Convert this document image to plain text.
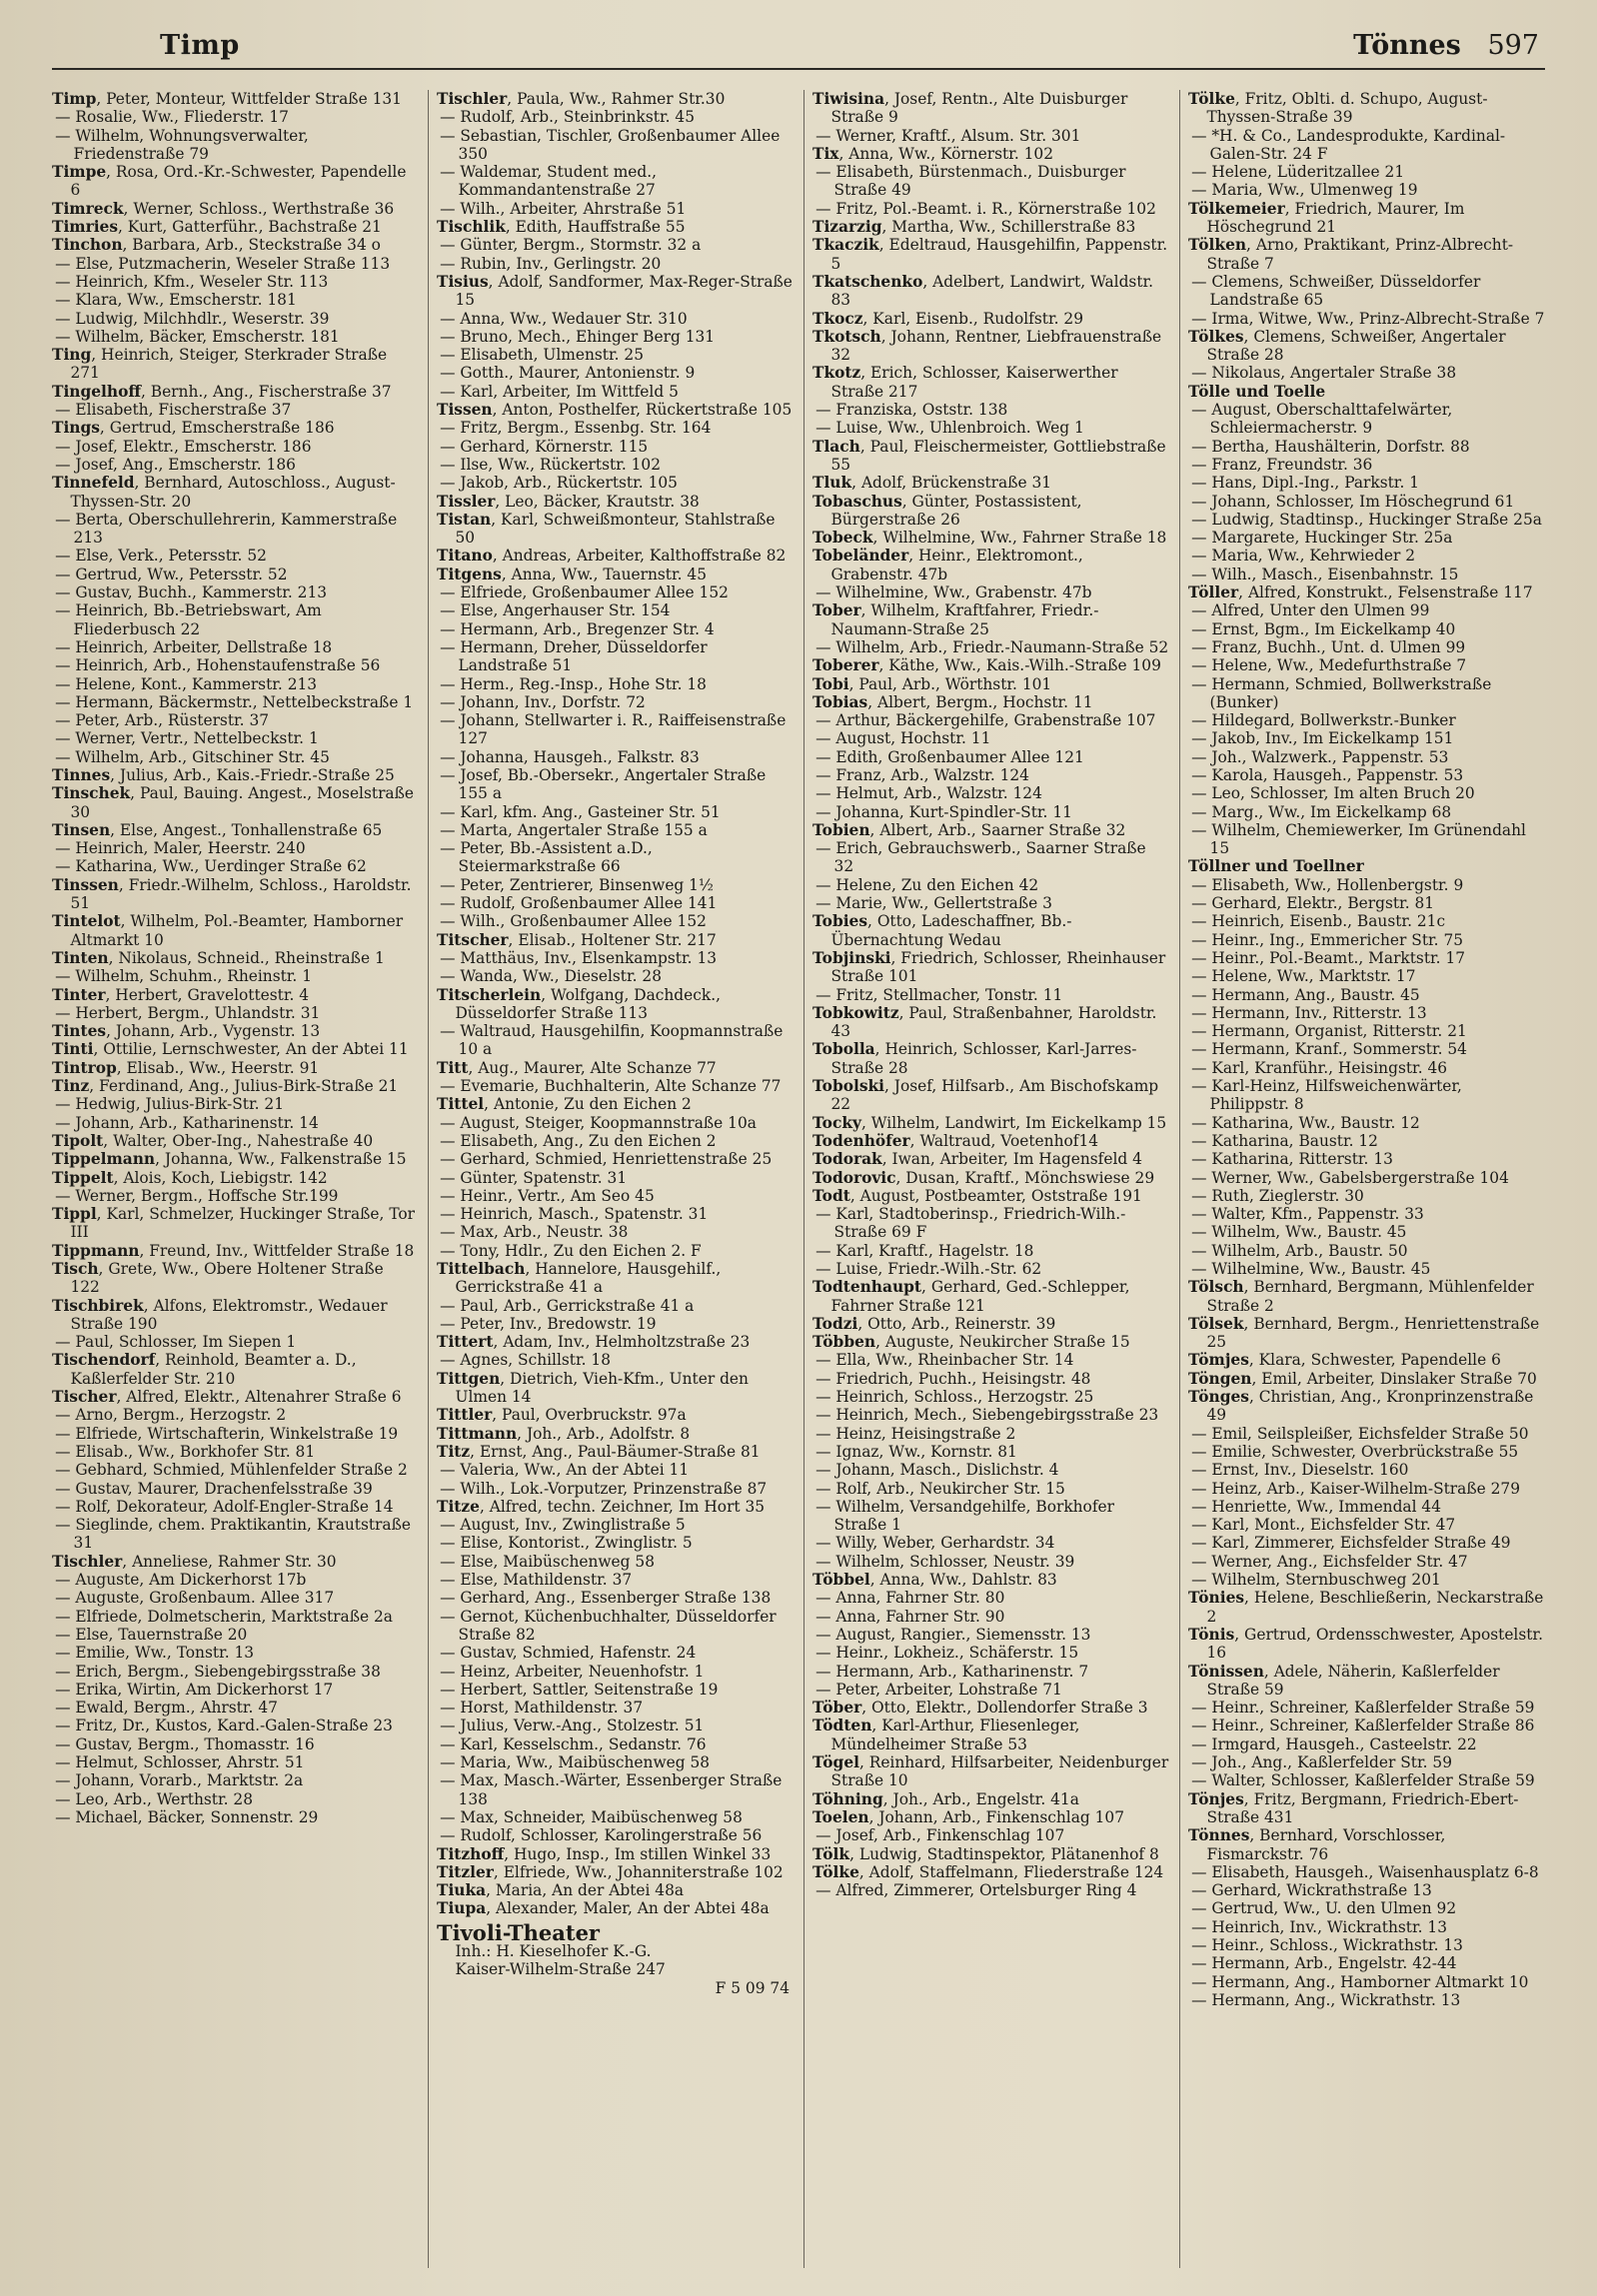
Timp	Tönnes 597

Timp, Peter, Monteur, Wittfelder Straße 131

— Rosalie, Ww., Fliederstr. 17

— Wilhelm, Wohnungsverwalter, Friedenstraße 79

Timpe, Rosa, Ord.-Kr.-Schwester, Papendelle 6

Timreck, Werner, Schloss., Werthstraße 36

Timries, Kurt, Gatterführ., Bachstraße 21

Tinchon, Barbara, Arb., Steckstraße 34 o

— Else, Putzmacherin, Weseler Straße 113

— Heinrich, Kfm., Weseler Str. 113

— Klara, Ww., Emscherstr. 181

— Ludwig, Milchhdlr., Weserstr. 39

— Wilhelm, Bäcker, Emscherstr. 181

Ting, Heinrich, Steiger, Sterkrader Straße 271

Tingelhoff, Bernh., Ang., Fischerstraße 37

— Elisabeth, Fischerstraße 37

Tings, Gertrud, Emscherstraße 186

— Josef, Elektr., Emscherstr. 186

— Josef, Ang., Emscherstr. 186

Tinnefeld, Bernhard, Autoschloss., August-Thyssen-Str. 20

— Berta, Oberschullehrerin, Kammerstraße 213

— Else, Verk., Petersstr. 52

— Gertrud, Ww., Petersstr. 52

— Gustav, Buchh., Kammerstr. 213

— Heinrich, Bb.-Betriebswart, Am Fliederbusch 22

— Heinrich, Arbeiter, Dellstraße 18

— Heinrich, Arb., Hohenstaufenstraße 56

— Helene, Kont., Kammerstr. 213

— Hermann, Bäckermstr., Nettelbeckstraße 1

— Peter, Arb., Rüsterstr. 37

— Werner, Vertr., Nettelbeckstr. 1

— Wilhelm, Arb., Gitschiner Str. 45

Tinnes, Julius, Arb., Kais.-Friedr.-Straße 25

Tinschek, Paul, Bauing. Angest., Moselstraße 30

Tinsen, Else, Angest., Tonhallenstraße 65

— Heinrich, Maler, Heerstr. 240

— Katharina, Ww., Uerdinger Straße 62

Tinssen, Friedr.-Wilhelm, Schloss., Haroldstr. 51

Tintelot, Wilhelm, Pol.-Beamter, Hamborner Altmarkt 10

Tinten, Nikolaus, Schneid., Rheinstraße 1

— Wilhelm, Schuhm., Rheinstr. 1

Tinter, Herbert, Gravelottestr. 4

— Herbert, Bergm., Uhlandstr. 31

Tintes, Johann, Arb., Vygenstr. 13

Tinti, Ottilie, Lernschwester, An der Abtei 11

Tintrop, Elisab., Ww., Heerstr. 91

Tinz, Ferdinand, Ang., Julius-Birk-Straße 21

— Hedwig, Julius-Birk-Str. 21

— Johann, Arb., Katharinenstr. 14

Tipolt, Walter, Ober-Ing., Nahestraße 40

Tippelmann, Johanna, Ww., Falkenstraße 15

Tippelt, Alois, Koch, Liebigstr. 142

— Werner, Bergm., Hoffsche Str.199

Tippl, Karl, Schmelzer, Huckinger Straße, Tor III

Tippmann, Freund, Inv., Wittfelder Straße 18

Tisch, Grete, Ww., Obere Holtener Straße 122

Tischbirek, Alfons, Elektromstr., Wedauer Straße 190

— Paul, Schlosser, Im Siepen 1

Tischendorf, Reinhold, Beamter a. D., Kaßlerfelder Str. 210

Tischer, Alfred, Elektr., Altenahrer Straße 6

— Arno, Bergm., Herzogstr. 2

— Elfriede, Wirtschafterin, Winkelstraße 19

— Elisab., Ww., Borkhofer Str. 81

— Gebhard, Schmied, Mühlenfelder Straße 2

— Gustav, Maurer, Drachenfelsstraße 39

— Rolf, Dekorateur, Adolf-Engler-Straße 14

— Sieglinde, chem. Praktikantin, Krautstraße 31

Tischler, Anneliese, Rahmer Str. 30

— Auguste, Am Dickerhorst 17b

— Auguste, Großenbaum. Allee 317

— Elfriede, Dolmetscherin, Marktstraße 2a

— Else, Tauernstraße 20

— Emilie, Ww., Tonstr. 13

— Erich, Bergm., Siebengebirgsstraße 38

— Erika, Wirtin, Am Dickerhorst 17

— Ewald, Bergm., Ahrstr. 47

— Fritz, Dr., Kustos, Kard.-Galen-Straße 23

— Gustav, Bergm., Thomasstr. 16

— Helmut, Schlosser, Ahrstr. 51

— Johann, Vorarb., Marktstr. 2a

— Leo, Arb., Werthstr. 28

— Michael, Bäcker, Sonnenstr. 29

Tischler, Paula, Ww., Rahmer Str.30

— Rudolf, Arb., Steinbrinkstr. 45

— Sebastian, Tischler, Großenbaumer Allee 350

— Waldemar, Student med., Kommandantenstraße 27

— Wilh., Arbeiter, Ahrstraße 51

Tischlik, Edith, Hauffstraße 55

— Günter, Bergm., Stormstr. 32 a

— Rubin, Inv., Gerlingstr. 20

Tisius, Adolf, Sandformer, Max-Reger-Straße 15

— Anna, Ww., Wedauer Str. 310

— Bruno, Mech., Ehinger Berg 131

— Elisabeth, Ulmenstr. 25

— Gotth., Maurer, Antonienstr. 9

— Karl, Arbeiter, Im Wittfeld 5

Tissen, Anton, Posthelfer, Rückertstraße 105

— Fritz, Bergm., Essenbg. Str. 164

— Gerhard, Körnerstr. 115

— Ilse, Ww., Rückertstr. 102

— Jakob, Arb., Rückertstr. 105

Tissler, Leo, Bäcker, Krautstr. 38

Tistan, Karl, Schweißmonteur, Stahlstraße 50

Titano, Andreas, Arbeiter, Kalthoffstraße 82

Titgens, Anna, Ww., Tauernstr. 45

— Elfriede, Großenbaumer Allee 152

— Else, Angerhauser Str. 154

— Hermann, Arb., Bregenzer Str. 4

— Hermann, Dreher, Düsseldorfer Landstraße 51

— Herm., Reg.-Insp., Hohe Str. 18

— Johann, Inv., Dorfstr. 72

— Johann, Stellwarter i. R., Raiffeisenstraße 127

— Johanna, Hausgeh., Falkstr. 83

— Josef, Bb.-Obersekr., Angertaler Straße 155 a

— Karl, kfm. Ang., Gasteiner Str. 51

— Marta, Angertaler Straße 155 a

— Peter, Bb.-Assistent a.D., Steiermarkstraße 66

— Peter, Zentrierer, Binsenweg 1½

— Rudolf, Großenbaumer Allee 141

— Wilh., Großenbaumer Allee 152

Titscher, Elisab., Holtener Str. 217

— Matthäus, Inv., Elsenkampstr. 13

— Wanda, Ww., Dieselstr. 28

Titscherlein, Wolfgang, Dachdeck., Düsseldorfer Straße 113

— Waltraud, Hausgehilfin, Koopmannstraße 10 a

Titt, Aug., Maurer, Alte Schanze 77

— Evemarie, Buchhalterin, Alte Schanze 77

Tittel, Antonie, Zu den Eichen 2

— August, Steiger, Koopmannstraße 10a

— Elisabeth, Ang., Zu den Eichen 2

— Gerhard, Schmied, Henriettenstraße 25

— Günter, Spatenstr. 31

— Heinr., Vertr., Am Seo 45

— Heinrich, Masch., Spatenstr. 31

— Max, Arb., Neustr. 38

— Tony, Hdlr., Zu den Eichen 2. F

Tittelbach, Hannelore, Hausgehilf., Gerrickstraße 41 a

— Paul, Arb., Gerrickstraße 41 a

— Peter, Inv., Bredowstr. 19

Tittert, Adam, Inv., Helmholtzstraße 23

— Agnes, Schillstr. 18

Tittgen, Dietrich, Vieh-Kfm., Unter den Ulmen 14

Tittler, Paul, Overbruckstr. 97a

Tittmann, Joh., Arb., Adolfstr. 8

Titz, Ernst, Ang., Paul-Bäumer-Straße 81

— Valeria, Ww., An der Abtei 11

— Wilh., Lok.-Vorputzer, Prinzenstraße 87

Titze, Alfred, techn. Zeichner, Im Hort 35

— August, Inv., Zwinglistraße 5

— Elise, Kontorist., Zwinglistr. 5

— Else, Maibüschenweg 58

— Else, Mathildenstr. 37

— Gerhard, Ang., Essenberger Straße 138

— Gernot, Küchenbuchhalter, Düsseldorfer Straße 82

— Gustav, Schmied, Hafenstr. 24

— Heinz, Arbeiter, Neuenhofstr. 1

— Herbert, Sattler, Seitenstraße 19

— Horst, Mathildenstr. 37

— Julius, Verw.-Ang., Stolzestr. 51

— Karl, Kesselschm., Sedanstr. 76

— Maria, Ww., Maibüschenweg 58

— Max, Masch.-Wärter, Essenberger Straße 138

— Max, Schneider, Maibüschenweg 58

— Rudolf, Schlosser, Karolingerstraße 56

Titzhoff, Hugo, Insp., Im stillen Winkel 33

Titzler, Elfriede, Ww., Johanniterstraße 102

Tiuka, Maria, An der Abtei 48a

Tiupa, Alexander, Maler, An der Abtei 48a

Tivoli-Theater
Inh.: H. Kieselhofer K.-G.
Kaiser-Wilhelm-Straße 247
F 5 09 74

Tiwisina, Josef, Rentn., Alte Duisburger Straße 9

— Werner, Kraftf., Alsum. Str. 301

Tix, Anna, Ww., Körnerstr. 102

— Elisabeth, Bürstenmach., Duisburger Straße 49

— Fritz, Pol.-Beamt. i. R., Körnerstraße 102

Tizarzig, Martha, Ww., Schillerstraße 83

Tkaczik, Edeltraud, Hausgehilfin, Pappenstr. 5

Tkatschenko, Adelbert, Landwirt, Waldstr. 83

Tkocz, Karl, Eisenb., Rudolfstr. 29

Tkotsch, Johann, Rentner, Liebfrauenstraße 32

Tkotz, Erich, Schlosser, Kaiserwerther Straße 217

— Franziska, Oststr. 138

— Luise, Ww., Uhlenbroich. Weg 1

Tlach, Paul, Fleischermeister, Gottliebstraße 55

Tluk, Adolf, Brückenstraße 31

Tobaschus, Günter, Postassistent, Bürgerstraße 26

Tobeck, Wilhelmine, Ww., Fahrner Straße 18

Tobeländer, Heinr., Elektromont., Grabenstr. 47b

— Wilhelmine, Ww., Grabenstr. 47b

Tober, Wilhelm, Kraftfahrer, Friedr.-Naumann-Straße 25

— Wilhelm, Arb., Friedr.-Naumann-Straße 52

Toberer, Käthe, Ww., Kais.-Wilh.-Straße 109

Tobi, Paul, Arb., Wörthstr. 101

Tobias, Albert, Bergm., Hochstr. 11

— Arthur, Bäckergehilfe, Grabenstraße 107

— August, Hochstr. 11

— Edith, Großenbaumer Allee 121

— Franz, Arb., Walzstr. 124

— Helmut, Arb., Walzstr. 124

— Johanna, Kurt-Spindler-Str. 11

Tobien, Albert, Arb., Saarner Straße 32

— Erich, Gebrauchswerb., Saarner Straße 32

— Helene, Zu den Eichen 42

— Marie, Ww., Gellertstraße 3

Tobies, Otto, Ladeschaffner, Bb.-Übernachtung Wedau

Tobjinski, Friedrich, Schlosser, Rheinhauser Straße 101

— Fritz, Stellmacher, Tonstr. 11

Tobkowitz, Paul, Straßenbahner, Haroldstr. 43

Tobolla, Heinrich, Schlosser, Karl-Jarres-Straße 28

Tobolski, Josef, Hilfsarb., Am Bischofskamp 22

Tocky, Wilhelm, Landwirt, Im Eickelkamp 15

Todenhöfer, Waltraud, Voetenhof14

Todorak, Iwan, Arbeiter, Im Hagensfeld 4

Todorovic, Dusan, Kraftf., Mönchswiese 29

Todt, August, Postbeamter, Oststraße 191

— Karl, Stadtoberinsp., Friedrich-Wilh.-Straße 69 F

— Karl, Kraftf., Hagelstr. 18

— Luise, Friedr.-Wilh.-Str. 62

Todtenhaupt, Gerhard, Ged.-Schlepper, Fahrner Straße 121

Todzi, Otto, Arb., Reinerstr. 39

Többen, Auguste, Neukircher Straße 15

— Ella, Ww., Rheinbacher Str. 14

— Friedrich, Puchh., Heisingstr. 48

— Heinrich, Schloss., Herzogstr. 25

— Heinrich, Mech., Siebengebirgsstraße 23

— Heinz, Heisingstraße 2

— Ignaz, Ww., Kornstr. 81

— Johann, Masch., Dislichstr. 4

— Rolf, Arb., Neukircher Str. 15

— Wilhelm, Versandgehilfe, Borkhofer Straße 1

— Willy, Weber, Gerhardstr. 34

— Wilhelm, Schlosser, Neustr. 39

Többel, Anna, Ww., Dahlstr. 83

— Anna, Fahrner Str. 80

— Anna, Fahrner Str. 90

— August, Rangier., Siemensstr. 13

— Heinr., Lokheiz., Schäferstr. 15

— Hermann, Arb., Katharinenstr. 7

— Peter, Arbeiter, Lohstraße 71

Töber, Otto, Elektr., Dollendorfer Straße 3

Tödten, Karl-Arthur, Fliesenleger, Mündelheimer Straße 53

Tögel, Reinhard, Hilfsarbeiter, Neidenburger Straße 10

Töhning, Joh., Arb., Engelstr. 41a

Toelen, Johann, Arb., Finkenschlag 107

— Josef, Arb., Finkenschlag 107

Tölk, Ludwig, Stadtinspektor, Plätanenhof 8

Tölke, Adolf, Staffelmann, Fliederstraße 124

— Alfred, Zimmerer, Ortelsburger Ring 4

Tölke, Fritz, Oblti. d. Schupo, August-Thyssen-Straße 39

— *H. & Co., Landesprodukte, Kardinal-Galen-Str. 24 F

— Helene, Lüderitzallee 21

— Maria, Ww., Ulmenweg 19

Tölkemeier, Friedrich, Maurer, Im Höschegrund 21

Tölken, Arno, Praktikant, Prinz-Albrecht-Straße 7

— Clemens, Schweißer, Düsseldorfer Landstraße 65

— Irma, Witwe, Ww., Prinz-Albrecht-Straße 7

Tölkes, Clemens, Schweißer, Angertaler Straße 28

— Nikolaus, Angertaler Straße 38

Tölle und Toelle

— August, Oberschalttafelwärter, Schleiermacherstr. 9

— Bertha, Haushälterin, Dorfstr. 88

— Franz, Freundstr. 36

— Hans, Dipl.-Ing., Parkstr. 1

— Johann, Schlosser, Im Höschegrund 61

— Ludwig, Stadtinsp., Huckinger Straße 25a

— Margarete, Huckinger Str. 25a

— Maria, Ww., Kehrwieder 2

— Wilh., Masch., Eisenbahnstr. 15

Töller, Alfred, Konstrukt., Felsenstraße 117

— Alfred, Unter den Ulmen 99

— Ernst, Bgm., Im Eickelkamp 40

— Franz, Buchh., Unt. d. Ulmen 99

— Helene, Ww., Medefurthstraße 7

— Hermann, Schmied, Bollwerkstraße (Bunker)

— Hildegard, Bollwerkstr.-Bunker

— Jakob, Inv., Im Eickelkamp 151

— Joh., Walzwerk., Pappenstr. 53

— Karola, Hausgeh., Pappenstr. 53

— Leo, Schlosser, Im alten Bruch 20

— Marg., Ww., Im Eickelkamp 68

— Wilhelm, Chemiewerker, Im Grünendahl 15

Töllner und Toellner

— Elisabeth, Ww., Hollenbergstr. 9

— Gerhard, Elektr., Bergstr. 81

— Heinrich, Eisenb., Baustr. 21c

— Heinr., Ing., Emmericher Str. 75

— Heinr., Pol.-Beamt., Marktstr. 17

— Helene, Ww., Marktstr. 17

— Hermann, Ang., Baustr. 45

— Hermann, Inv., Ritterstr. 13

— Hermann, Organist, Ritterstr. 21

— Hermann, Kranf., Sommerstr. 54

— Karl, Kranführ., Heisingstr. 46

— Karl-Heinz, Hilfsweichenwärter, Philippstr. 8

— Katharina, Ww., Baustr. 12

— Katharina, Baustr. 12

— Katharina, Ritterstr. 13

— Werner, Ww., Gabelsbergerstraße 104

— Ruth, Zieglerstr. 30

— Walter, Kfm., Pappenstr. 33

— Wilhelm, Ww., Baustr. 45

— Wilhelm, Arb., Baustr. 50

— Wilhelmine, Ww., Baustr. 45

Tölsch, Bernhard, Bergmann, Mühlenfelder Straße 2

Tölsek, Bernhard, Bergm., Henriettenstraße 25

Tömjes, Klara, Schwester, Papendelle 6

Töngen, Emil, Arbeiter, Dinslaker Straße 70

Tönges, Christian, Ang., Kronprinzenstraße 49

— Emil, Seilspleißer, Eichsfelder Straße 50

— Emilie, Schwester, Overbrückstraße 55

— Ernst, Inv., Dieselstr. 160

— Heinz, Arb., Kaiser-Wilhelm-Straße 279

— Henriette, Ww., Immendal 44

— Karl, Mont., Eichsfelder Str. 47

— Karl, Zimmerer, Eichsfelder Straße 49

— Werner, Ang., Eichsfelder Str. 47

— Wilhelm, Sternbuschweg 201

Tönies, Helene, Beschließerin, Neckarstraße 2

Tönis, Gertrud, Ordensschwester, Apostelstr. 16

Tönissen, Adele, Näherin, Kaßlerfelder Straße 59

— Heinr., Schreiner, Kaßlerfelder Straße 59

— Heinr., Schreiner, Kaßlerfelder Straße 86

— Irmgard, Hausgeh., Casteelstr. 22

— Joh., Ang., Kaßlerfelder Str. 59

— Walter, Schlosser, Kaßlerfelder Straße 59

Tönjes, Fritz, Bergmann, Friedrich-Ebert-Straße 431

Tönnes, Bernhard, Vorschlosser, Fismarckstr. 76

— Elisabeth, Hausgeh., Waisenhausplatz 6-8

— Gerhard, Wickrathstraße 13

— Gertrud, Ww., U. den Ulmen 92

— Heinrich, Inv., Wickrathstr. 13

— Heinr., Schloss., Wickrathstr. 13

— Hermann, Arb., Engelstr. 42-44

— Hermann, Ang., Hamborner Altmarkt 10

— Hermann, Ang., Wickrathstr. 13
